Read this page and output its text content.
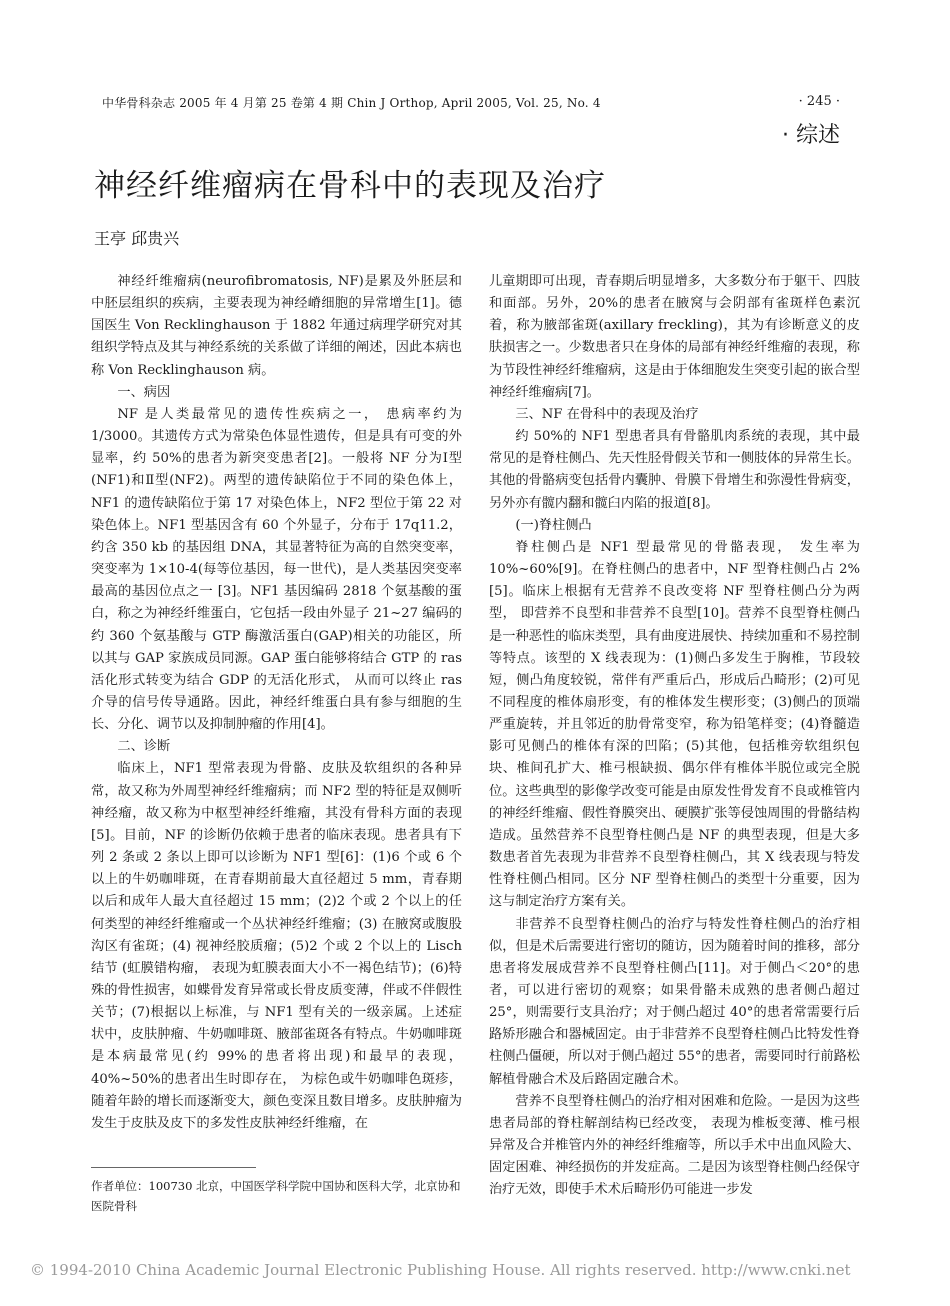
中华骨科杂志 2005 年 4 月第 25 卷第 4 期 Chin J Orthop, April 2005, Vol. 25, No. 4	· 245 ·
· 综述
神经纤维瘤病在骨科中的表现及治疗
王亭 邱贵兴

神经纤维瘤病(neurofibromatosis, NF)是累及外胚层和中胚层组织的疾病，主要表现为神经嵴细胞的异常增生[1]。德国医生 Von Recklinghauson 于 1882 年通过病理学研究对其组织学特点及其与神经系统的关系做了详细的阐述，因此本病也称 Von Recklinghauson 病。

一、病因

NF 是人类最常见的遗传性疾病之一， 患病率约为1/3000。其遗传方式为常染色体显性遗传，但是具有可变的外显率，约 50%的患者为新突变患者[2]。一般将 NF 分为Ⅰ型(NF1)和Ⅱ型(NF2)。两型的遗传缺陷位于不同的染色体上，NF1 的遗传缺陷位于第 17 对染色体上，NF2 型位于第 22 对染色体上。NF1 型基因含有 60 个外显子，分布于 17q11.2，约含 350 kb 的基因组 DNA，其显著特征为高的自然突变率，突变率为 1×10-4(每等位基因，每一世代)，是人类基因突变率最高的基因位点之一 [3]。NF1 基因编码 2818 个氨基酸的蛋白，称之为神经纤维蛋白，它包括一段由外显子 21~27 编码的约 360 个氨基酸与 GTP 酶激活蛋白(GAP)相关的功能区，所以其与 GAP 家族成员同源。GAP 蛋白能够将结合 GTP 的 ras 活化形式转变为结合 GDP 的无活化形式， 从而可以终止 ras 介导的信号传导通路。因此，神经纤维蛋白具有参与细胞的生长、分化、调节以及抑制肿瘤的作用[4]。

二、诊断

临床上，NF1 型常表现为骨骼、皮肤及软组织的各种异常，故又称为外周型神经纤维瘤病；而 NF2 型的特征是双侧听神经瘤，故又称为中枢型神经纤维瘤，其没有骨科方面的表现[5]。目前，NF 的诊断仍依赖于患者的临床表现。患者具有下列 2 条或 2 条以上即可以诊断为 NF1 型[6]：(1)6 个或 6 个以上的牛奶咖啡斑，在青春期前最大直径超过 5 mm，青春期以后和成年人最大直径超过 15 mm；(2)2 个或 2 个以上的任何类型的神经纤维瘤或一个丛状神经纤维瘤；(3) 在腋窝或腹股沟区有雀斑；(4) 视神经胶质瘤；(5)2 个或 2 个以上的 Lisch 结节 (虹膜错构瘤， 表现为虹膜表面大小不一褐色结节)；(6)特殊的骨性损害，如蝶骨发育异常或长骨皮质变薄，伴或不伴假性关节；(7)根据以上标准，与 NF1 型有关的一级亲属。上述症状中，皮肤肿瘤、牛奶咖啡斑、腋部雀斑各有特点。牛奶咖啡斑是本病最常见(约 99%的患者将出现)和最早的表现，40%~50%的患者出生时即存在， 为棕色或牛奶咖啡色斑疹，随着年龄的增长而逐渐变大，颜色变深且数目增多。皮肤肿瘤为发生于皮肤及皮下的多发性皮肤神经纤维瘤，在

儿童期即可出现，青春期后明显增多，大多数分布于躯干、四肢和面部。另外，20%的患者在腋窝与会阴部有雀斑样色素沉着，称为腋部雀斑(axillary freckling)，其为有诊断意义的皮肤损害之一。少数患者只在身体的局部有神经纤维瘤的表现，称为节段性神经纤维瘤病，这是由于体细胞发生突变引起的嵌合型神经纤维瘤病[7]。

三、NF 在骨科中的表现及治疗

约 50%的 NF1 型患者具有骨骼肌肉系统的表现，其中最常见的是脊柱侧凸、先天性胫骨假关节和一侧肢体的异常生长。其他的骨骼病变包括骨内囊肿、骨膜下骨增生和弥漫性骨病变，另外亦有髋内翻和髋臼内陷的报道[8]。

(一)脊柱侧凸

脊柱侧凸是 NF1 型最常见的骨骼表现， 发生率为 10%~60%[9]。在脊柱侧凸的患者中，NF 型脊柱侧凸占 2%[5]。临床上根据有无营养不良改变将 NF 型脊柱侧凸分为两型， 即营养不良型和非营养不良型[10]。营养不良型脊柱侧凸是一种恶性的临床类型，具有曲度进展快、持续加重和不易控制等特点。该型的 X 线表现为：(1)侧凸多发生于胸椎，节段较短，侧凸角度较锐，常伴有严重后凸，形成后凸畸形；(2)可见不同程度的椎体扇形变，有的椎体发生楔形变；(3)侧凸的顶端严重旋转，并且邻近的肋骨常变窄，称为铅笔样变；(4)脊髓造影可见侧凸的椎体有深的凹陷；(5)其他，包括椎旁软组织包块、椎间孔扩大、椎弓根缺损、偶尔伴有椎体半脱位或完全脱位。这些典型的影像学改变可能是由原发性骨发育不良或椎管内的神经纤维瘤、假性脊膜突出、硬膜扩张等侵蚀周围的骨骼结构造成。虽然营养不良型脊柱侧凸是 NF 的典型表现，但是大多数患者首先表现为非营养不良型脊柱侧凸，其 X 线表现与特发性脊柱侧凸相同。区分 NF 型脊柱侧凸的类型十分重要，因为这与制定治疗方案有关。

非营养不良型脊柱侧凸的治疗与特发性脊柱侧凸的治疗相似，但是术后需要进行密切的随访，因为随着时间的推移，部分患者将发展成营养不良型脊柱侧凸[11]。对于侧凸＜20°的患者，可以进行密切的观察；如果骨骼未成熟的患者侧凸超过 25°，则需要行支具治疗；对于侧凸超过 40°的患者常需要行后路矫形融合和器械固定。由于非营养不良型脊柱侧凸比特发性脊柱侧凸僵硬，所以对于侧凸超过 55°的患者，需要同时行前路松解植骨融合术及后路固定融合术。

营养不良型脊柱侧凸的治疗相对困难和危险。一是因为这些患者局部的脊柱解剖结构已经改变， 表现为椎板变薄、椎弓根异常及合并椎管内外的神经纤维瘤等，所以手术中出血风险大、固定困难、神经损伤的并发症高。二是因为该型脊柱侧凸经保守治疗无效，即使手术术后畸形仍可能进一步发

作者单位：100730 北京，中国医学科学院中国协和医科大学，北京协和医院骨科
© 1994-2010 China Academic Journal Electronic Publishing House. All rights reserved. http://www.cnki.net
